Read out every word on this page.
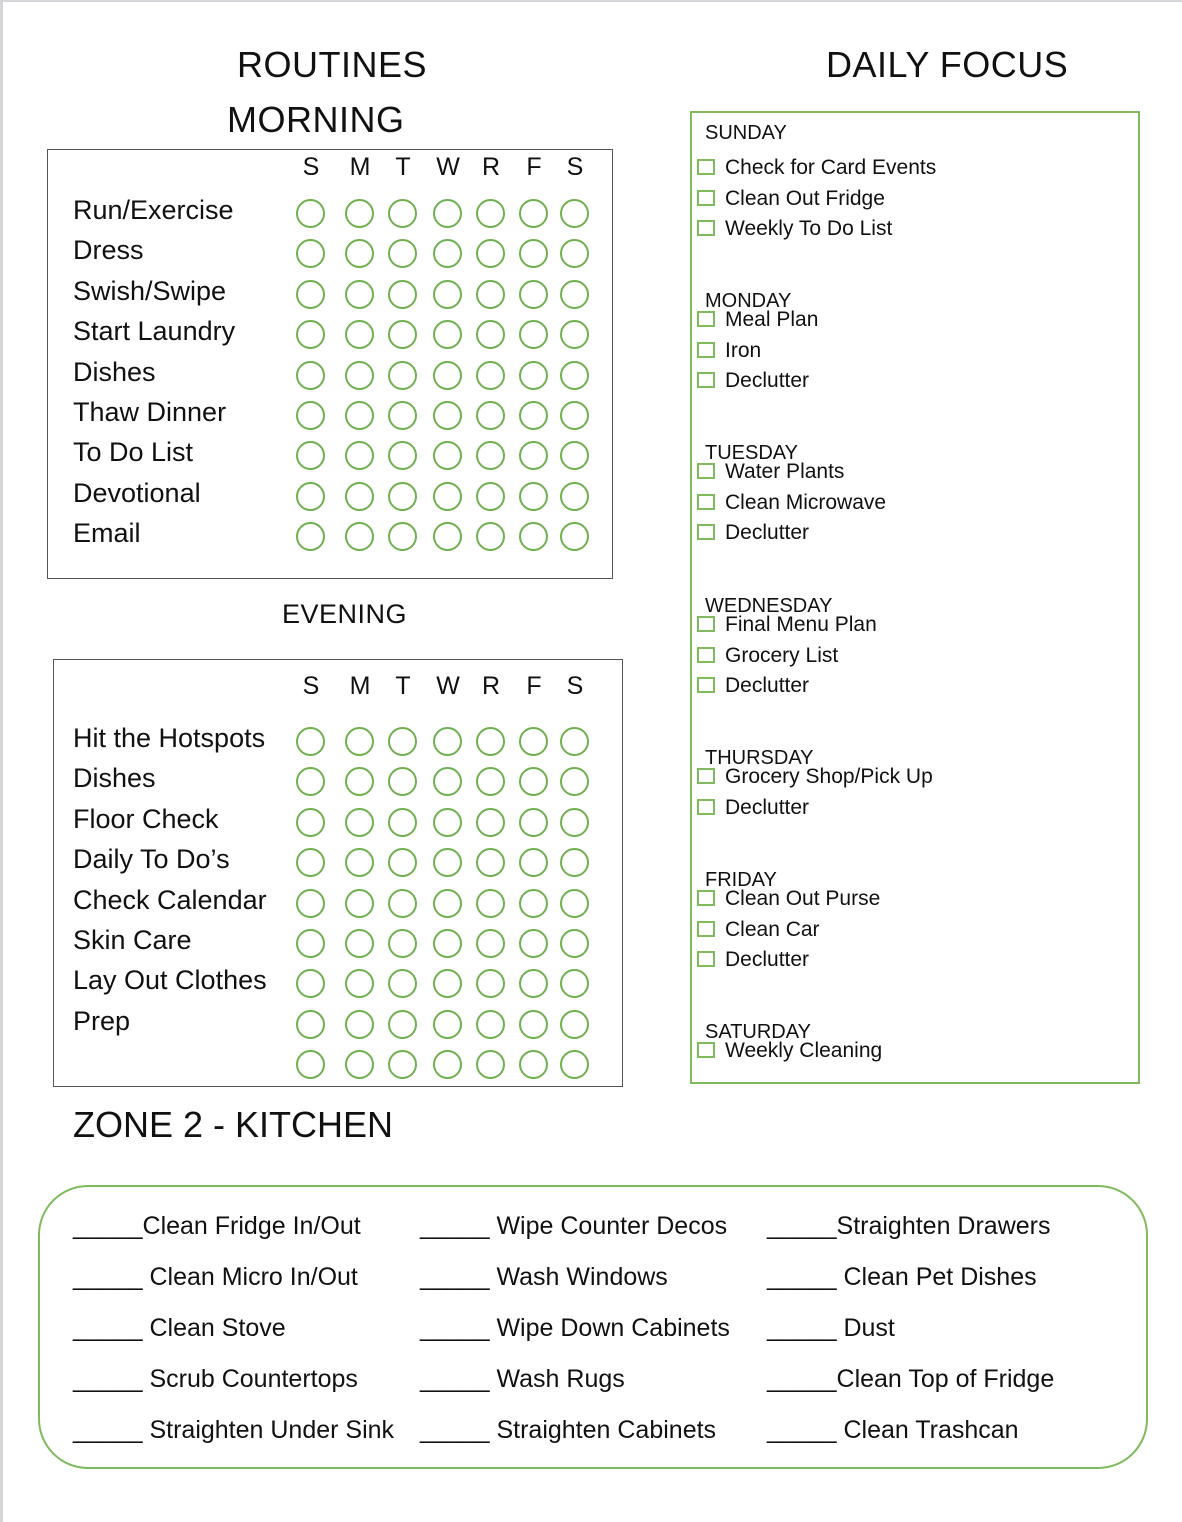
ROUTINES
MORNING
DAILY FOCUS
S M T W R F S
Run/Exercise
Dress
Swish/Swipe
Start Laundry
Dishes
Thaw Dinner
To Do List
Devotional
Email
EVENING
S M T W R F S
Hit the Hotspots
Dishes
Floor Check
Daily To Do’s
Check Calendar
Skin Care
Lay Out Clothes
Prep
SUNDAY
Check for Card Events
Clean Out Fridge
Weekly To Do List
MONDAY
Meal Plan
Iron
Declutter
TUESDAY
Water Plants
Clean Microwave
Declutter
WEDNESDAY
Final Menu Plan
Grocery List
Declutter
THURSDAY
Grocery Shop/Pick Up
Declutter
FRIDAY
Clean Out Purse
Clean Car
Declutter
SATURDAY
Weekly Cleaning
ZONE 2 - KITCHEN
_____Clean Fridge In/Out
_____ Clean Micro In/Out
_____ Clean Stove
_____ Scrub Countertops
_____ Straighten Under Sink
_____ Wipe Counter Decos
_____ Wash Windows
_____ Wipe Down Cabinets
_____ Wash Rugs
_____ Straighten Cabinets
_____Straighten Drawers
_____ Clean Pet Dishes
_____ Dust
_____Clean Top of Fridge
_____ Clean Trashcan
